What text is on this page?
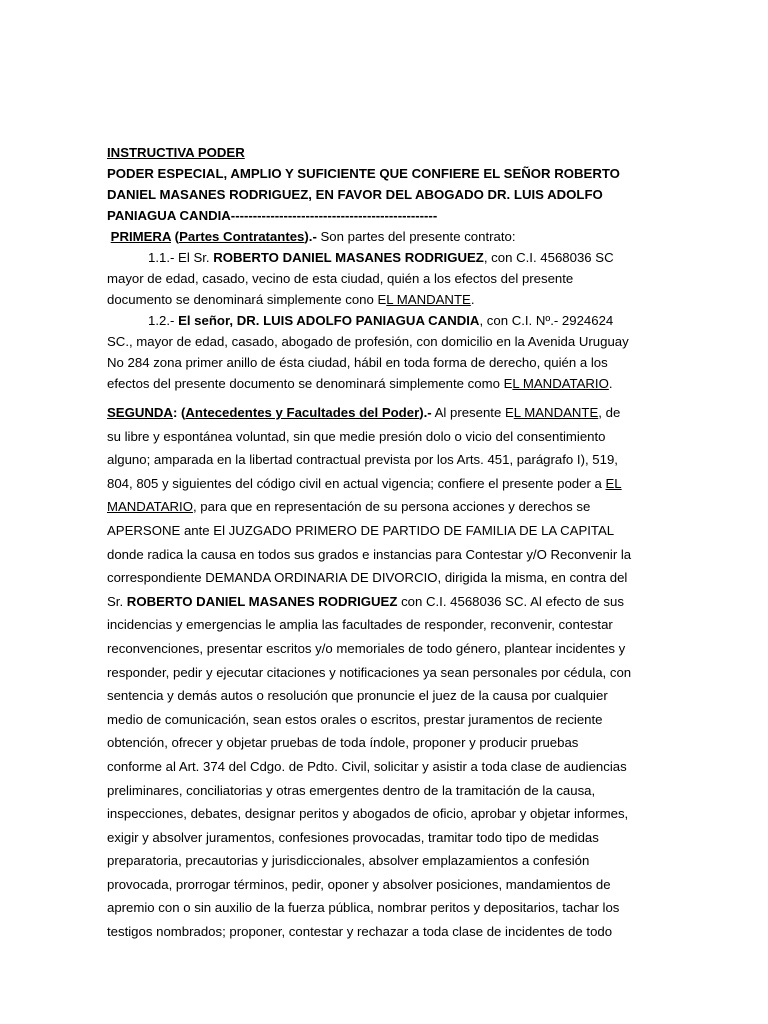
INSTRUCTIVA PODER
PODER ESPECIAL, AMPLIO Y SUFICIENTE QUE CONFIERE EL SEÑOR ROBERTO
DANIEL MASANES RODRIGUEZ, EN FAVOR DEL ABOGADO DR. LUIS ADOLFO
PANIAGUA CANDIA-----------------------------------------------
PRIMERA (Partes Contratantes).- Son partes del presente contrato:
1.1.- El Sr. ROBERTO DANIEL MASANES RODRIGUEZ, con C.I. 4568036 SC
mayor de edad, casado, vecino de esta ciudad, quién a los efectos del presente
documento se denominará simplemente cono EL MANDANTE.
1.2.- El señor, DR. LUIS ADOLFO PANIAGUA CANDIA, con C.I. Nº.- 2924624
SC., mayor de edad, casado, abogado de profesión, con domicilio en la Avenida Uruguay
No 284 zona primer anillo de ésta ciudad, hábil en toda forma de derecho, quién a los
efectos del presente documento se denominará simplemente como EL MANDATARIO.
SEGUNDA: (Antecedentes y Facultades del Poder).- Al presente EL MANDANTE, de
su libre y espontánea voluntad, sin que medie presión dolo o vicio del consentimiento
alguno; amparada en la libertad contractual prevista por los Arts. 451, parágrafo I), 519,
804, 805 y siguientes del código civil en actual vigencia; confiere el presente poder a EL
MANDATARIO, para que en representación de su persona acciones y derechos se
APERSONE ante El JUZGADO PRIMERO DE PARTIDO DE FAMILIA DE LA CAPITAL
donde radica la causa en todos sus grados e instancias para Contestar y/O Reconvenir la
correspondiente DEMANDA ORDINARIA DE DIVORCIO, dirigida la misma, en contra del
Sr. ROBERTO DANIEL MASANES RODRIGUEZ con C.I. 4568036 SC. Al efecto de sus
incidencias y emergencias le amplia las facultades de responder, reconvenir, contestar
reconvenciones, presentar escritos y/o memoriales de todo género, plantear incidentes y
responder, pedir y ejecutar citaciones y notificaciones ya sean personales por cédula, con
sentencia y demás autos o resolución que pronuncie el juez de la causa por cualquier
medio de comunicación, sean estos orales o escritos, prestar juramentos de reciente
obtención, ofrecer y objetar pruebas de toda índole, proponer y producir pruebas
conforme al Art. 374 del Cdgo. de Pdto. Civil, solicitar y asistir a toda clase de audiencias
preliminares, conciliatorias y otras emergentes dentro de la tramitación de la causa,
inspecciones, debates, designar peritos y abogados de oficio, aprobar y objetar informes,
exigir y absolver juramentos, confesiones provocadas, tramitar todo tipo de medidas
preparatoria, precautorias y jurisdiccionales, absolver emplazamientos a confesión
provocada, prorrogar términos, pedir, oponer y absolver posiciones, mandamientos de
apremio con o sin auxilio de la fuerza pública, nombrar peritos y depositarios, tachar los
testigos nombrados; proponer, contestar y rechazar a toda clase de incidentes de todo
